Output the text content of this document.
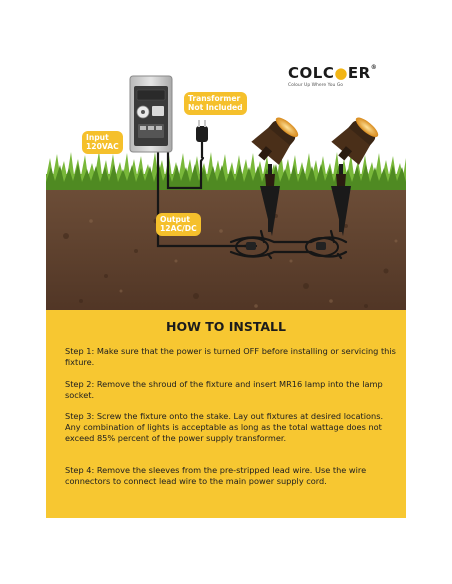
COLC●ER®
Colour Up Where You Go
Transformer
Not Included
Input
120VAC
Output
12AC/DC
HOW TO INSTALL

Step 1: Make sure that the power is turned OFF before installing or servicing this fixture.

Step 2: Remove the shroud of the fixture and insert MR16 lamp into the lamp socket.

Step 3: Screw the fixture onto the stake. Lay out fixtures at desired locations. Any combination of lights is acceptable as long as the total wattage does not exceed 85% percent of the power supply transformer.

Step 4: Remove the sleeves from the pre-stripped lead wire. Use the wire connectors to connect lead wire to the main power supply cord.
